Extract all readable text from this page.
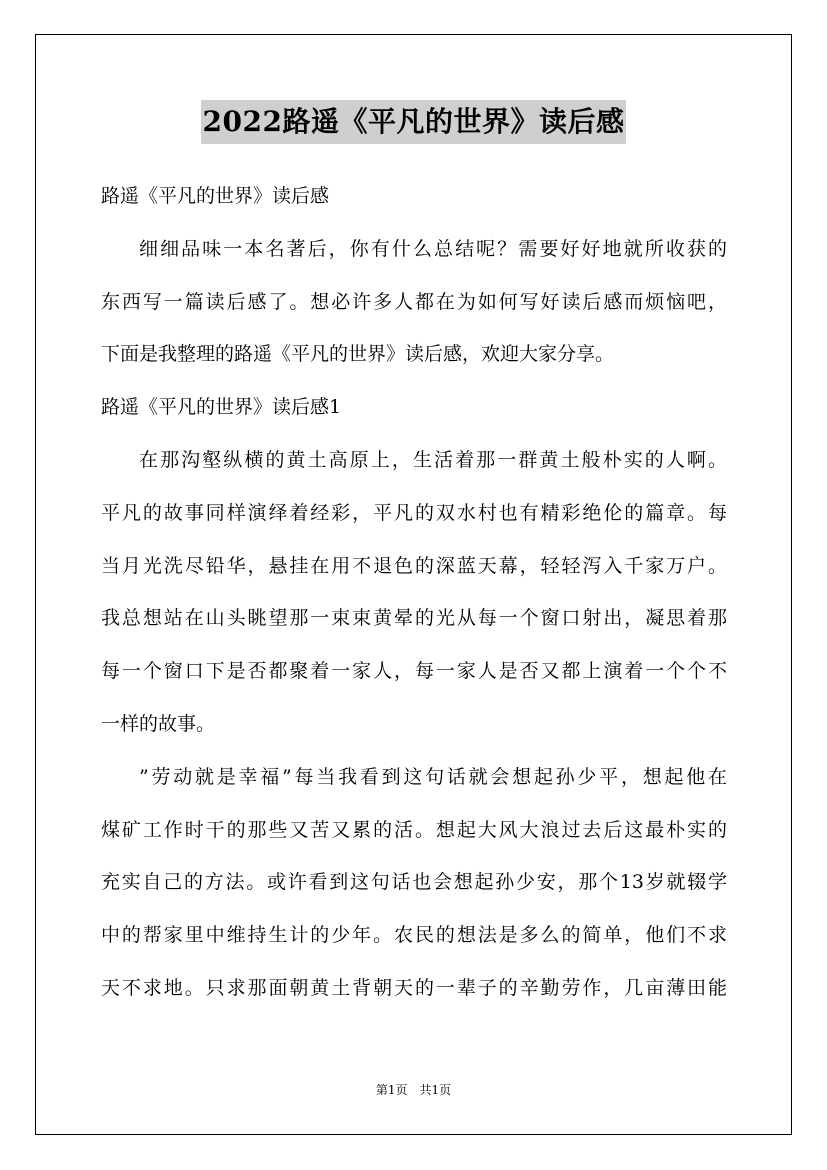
2022路遥《平凡的世界》读后感
路遥《平凡的世界》读后感
细细品味一本名著后，你有什么总结呢？需要好好地就所收获的
东西写一篇读后感了。想必许多人都在为如何写好读后感而烦恼吧，
下面是我整理的路遥《平凡的世界》读后感，欢迎大家分享。
路遥《平凡的世界》读后感1
在那沟壑纵横的黄土高原上，生活着那一群黄土般朴实的人啊。
平凡的故事同样演绎着经彩，平凡的双水村也有精彩绝伦的篇章。每
当月光洗尽铅华，悬挂在用不退色的深蓝天幕，轻轻泻入千家万户。
我总想站在山头眺望那一束束黄晕的光从每一个窗口射出，凝思着那
每一个窗口下是否都聚着一家人，每一家人是否又都上演着一个个不
一样的故事。
”劳动就是幸福”每当我看到这句话就会想起孙少平，想起他在
煤矿工作时干的那些又苦又累的活。想起大风大浪过去后这最朴实的
充实自己的方法。或许看到这句话也会想起孙少安，那个13岁就辍学
中的帮家里中维持生计的少年。农民的想法是多么的简单，他们不求
天不求地。只求那面朝黄土背朝天的一辈子的辛勤劳作，几亩薄田能
第1页　共1页
